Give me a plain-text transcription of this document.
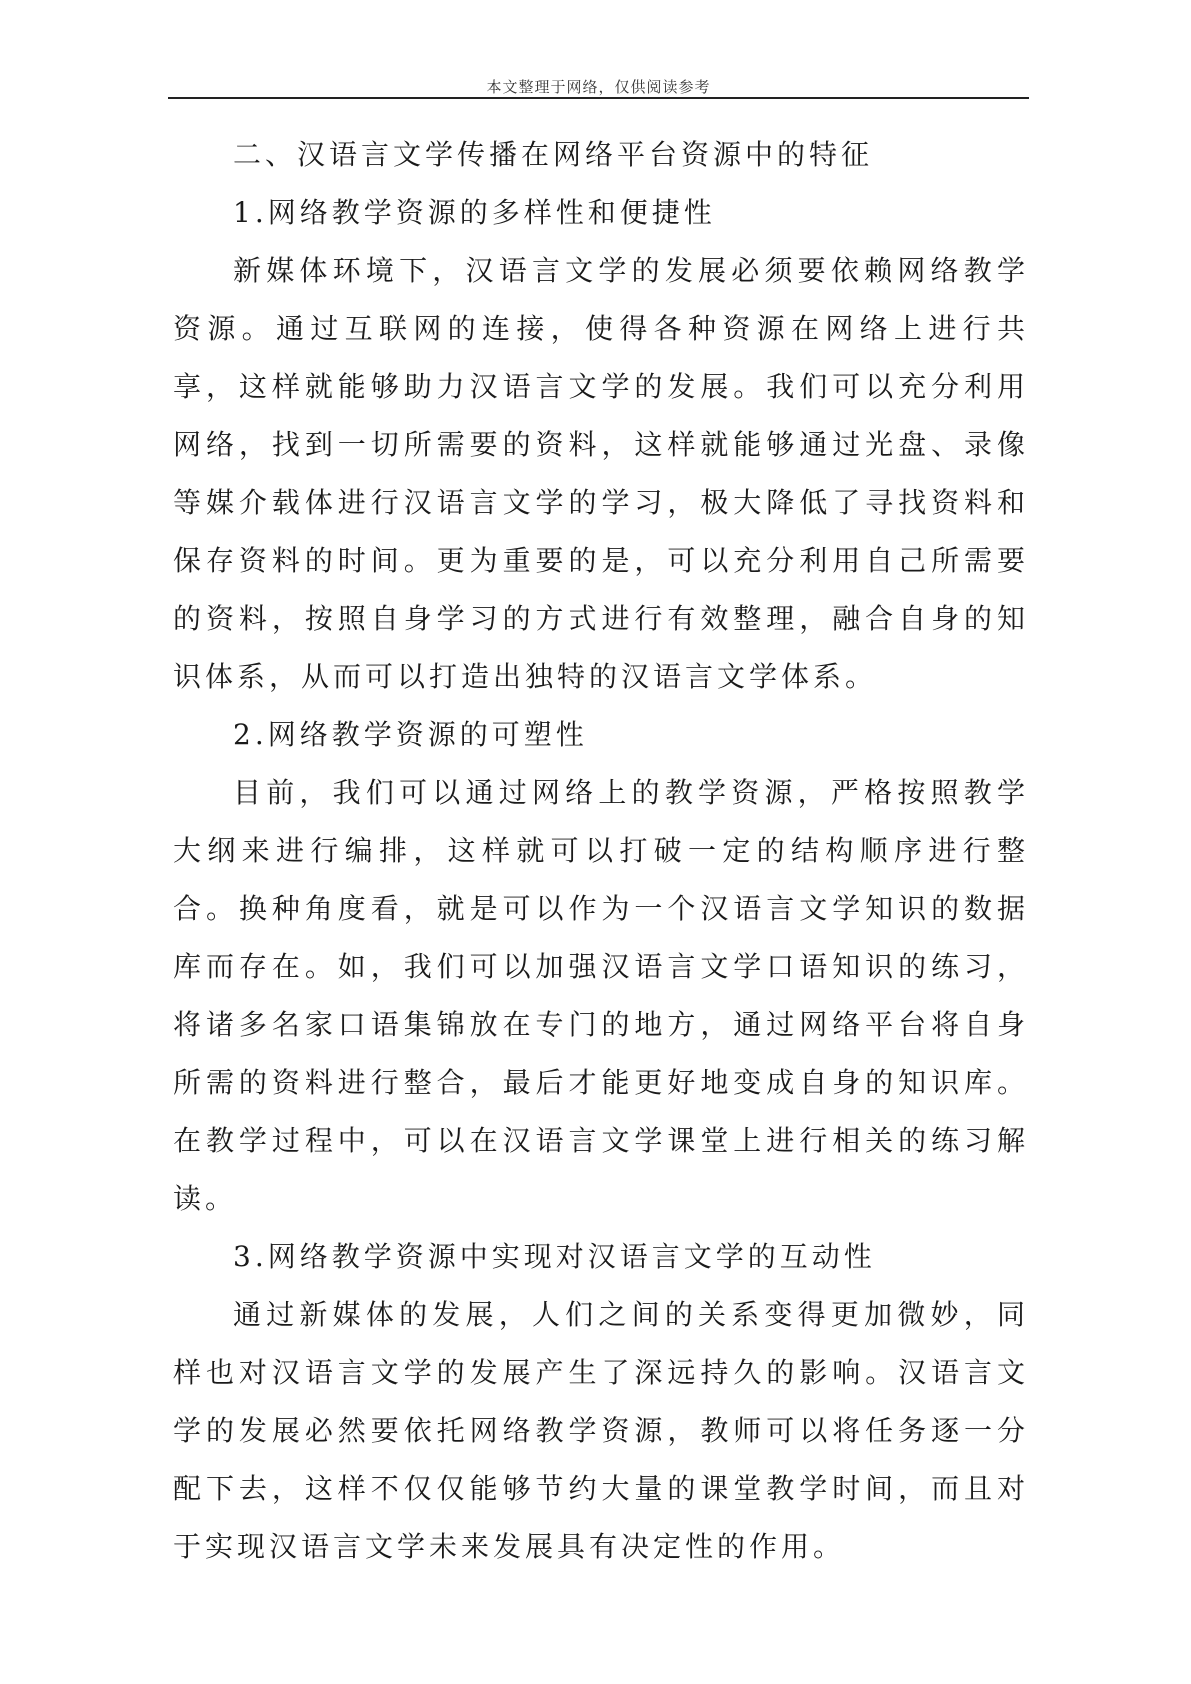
本文整理于网络，仅供阅读参考
二、汉语言文学传播在网络平台资源中的特征
1.网络教学资源的多样性和便捷性

新媒体环境下，汉语言文学的发展必须要依赖网络教学资源。通过互联网的连接，使得各种资源在网络上进行共享，这样就能够助力汉语言文学的发展。我们可以充分利用网络，找到一切所需要的资料，这样就能够通过光盘、录像等媒介载体进行汉语言文学的学习，极大降低了寻找资料和保存资料的时间。更为重要的是，可以充分利用自己所需要的资料，按照自身学习的方式进行有效整理，融合自身的知识体系，从而可以打造出独特的汉语言文学体系。

2.网络教学资源的可塑性

目前，我们可以通过网络上的教学资源，严格按照教学大纲来进行编排，这样就可以打破一定的结构顺序进行整合。换种角度看，就是可以作为一个汉语言文学知识的数据库而存在。如，我们可以加强汉语言文学口语知识的练习，将诸多名家口语集锦放在专门的地方，通过网络平台将自身所需的资料进行整合，最后才能更好地变成自身的知识库。在教学过程中，可以在汉语言文学课堂上进行相关的练习解读。

3.网络教学资源中实现对汉语言文学的互动性

通过新媒体的发展，人们之间的关系变得更加微妙，同样也对汉语言文学的发展产生了深远持久的影响。汉语言文学的发展必然要依托网络教学资源，教师可以将任务逐一分配下去，这样不仅仅能够节约大量的课堂教学时间，而且对于实现汉语言文学未来发展具有决定性的作用。
